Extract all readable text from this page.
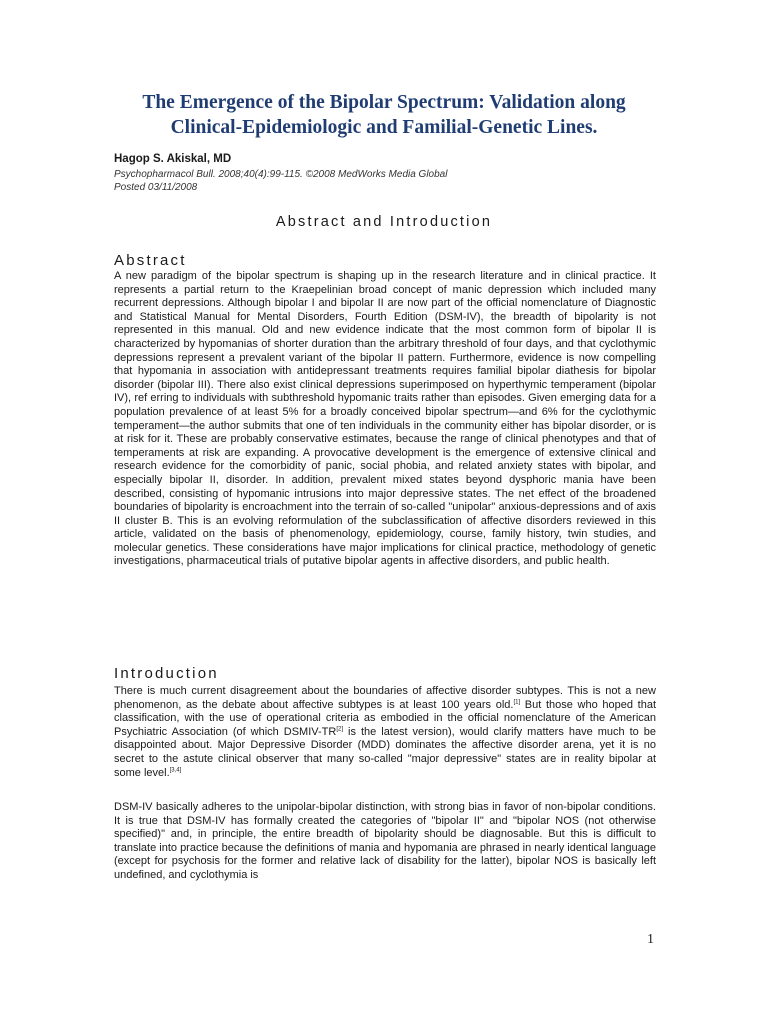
The Emergence of the Bipolar Spectrum: Validation along
Clinical-Epidemiologic and Familial-Genetic Lines.
Hagop S. Akiskal, MD
Psychopharmacol Bull. 2008;40(4):99-115. ©2008 MedWorks Media Global
Posted 03/11/2008
Abstract and Introduction
Abstract
A new paradigm of the bipolar spectrum is shaping up in the research literature and in clinical practice. It represents a partial return to the Kraepelinian broad concept of manic depression which included many recurrent depressions. Although bipolar I and bipolar II are now part of the official nomenclature of Diagnostic and Statistical Manual for Mental Disorders, Fourth Edition (DSM-IV), the breadth of bipolarity is not represented in this manual. Old and new evidence indicate that the most common form of bipolar II is characterized by hypomanias of shorter duration than the arbitrary threshold of four days, and that cyclothymic depressions represent a prevalent variant of the bipolar II pattern. Furthermore, evidence is now compelling that hypomania in association with antidepressant treatments requires familial bipolar diathesis for bipolar disorder (bipolar III). There also exist clinical depressions superimposed on hyperthymic temperament (bipolar IV), ref erring to individuals with subthreshold hypomanic traits rather than episodes. Given emerging data for a population prevalence of at least 5% for a broadly conceived bipolar spectrum—and 6% for the cyclothymic temperament—the author submits that one of ten individuals in the community either has bipolar disorder, or is at risk for it. These are probably conservative estimates, because the range of clinical phenotypes and that of temperaments at risk are expanding. A provocative development is the emergence of extensive clinical and research evidence for the comorbidity of panic, social phobia, and related anxiety states with bipolar, and especially bipolar II, disorder. In addition, prevalent mixed states beyond dysphoric mania have been described, consisting of hypomanic intrusions into major depressive states. The net effect of the broadened boundaries of bipolarity is encroachment into the terrain of so-called "unipolar" anxious-depressions and of axis II cluster B. This is an evolving reformulation of the subclassification of affective disorders reviewed in this article, validated on the basis of phenomenology, epidemiology, course, family history, twin studies, and molecular genetics. These considerations have major implications for clinical practice, methodology of genetic investigations, pharmaceutical trials of putative bipolar agents in affective disorders, and public health.
Introduction
There is much current disagreement about the boundaries of affective disorder subtypes. This is not a new phenomenon, as the debate about affective subtypes is at least 100 years old.[1] But those who hoped that classification, with the use of operational criteria as embodied in the official nomenclature of the American Psychiatric Association (of which DSMIV-TR[2] is the latest version), would clarify matters have much to be disappointed about. Major Depressive Disorder (MDD) dominates the affective disorder arena, yet it is no secret to the astute clinical observer that many so-called "major depressive" states are in reality bipolar at some level.[3,4]
DSM-IV basically adheres to the unipolar-bipolar distinction, with strong bias in favor of non-bipolar conditions. It is true that DSM-IV has formally created the categories of "bipolar II" and "bipolar NOS (not otherwise specified)" and, in principle, the entire breadth of bipolarity should be diagnosable. But this is difficult to translate into practice because the definitions of mania and hypomania are phrased in nearly identical language (except for psychosis for the former and relative lack of disability for the latter), bipolar NOS is basically left undefined, and cyclothymia is
1
